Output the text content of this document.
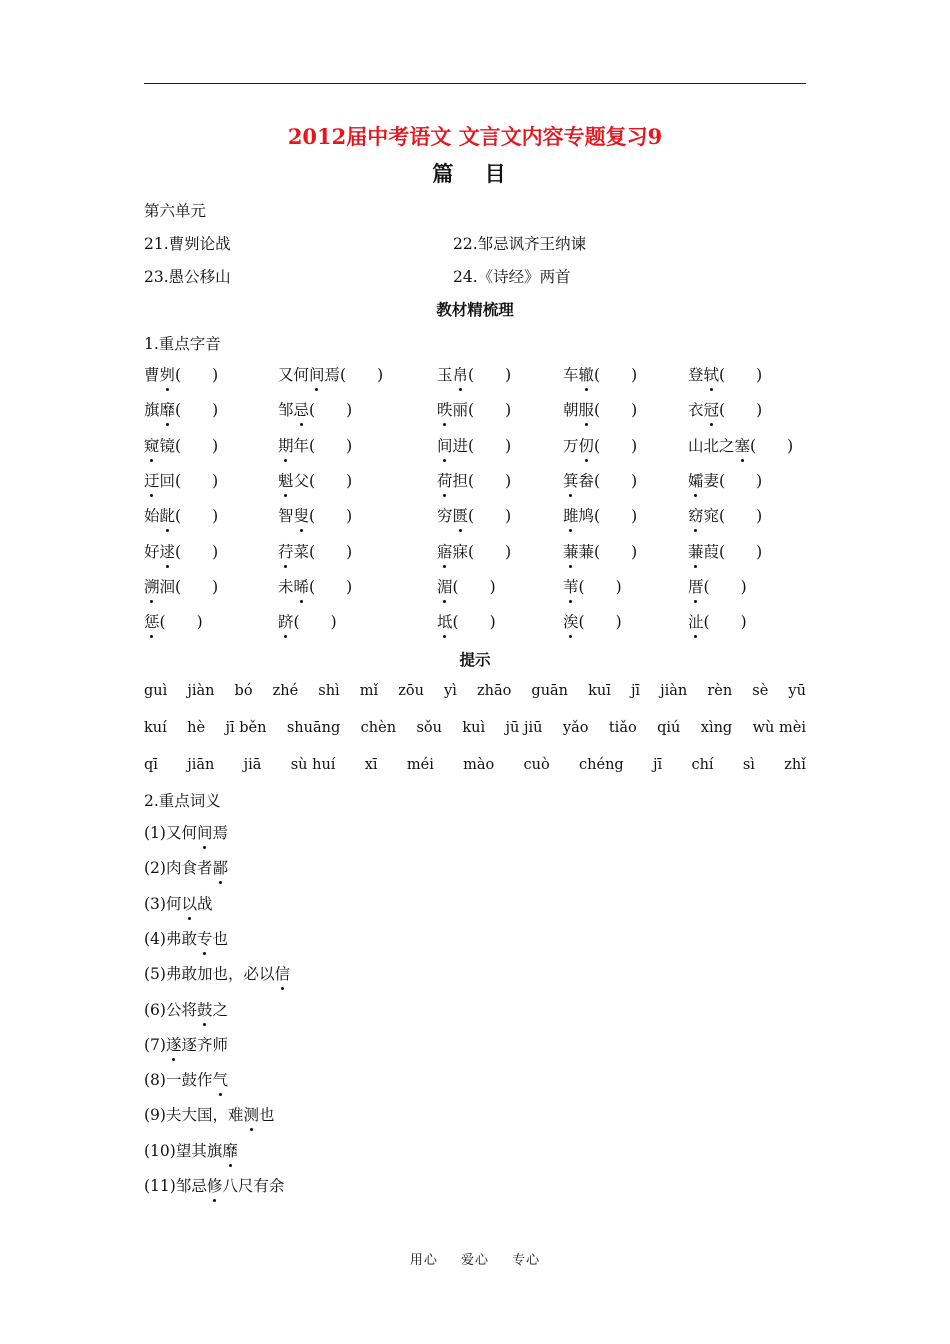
2012届中考语文 文言文内容专题复习9
篇 目
第六单元
21.曹刿论战	22.邹忌讽齐王纳谏
23.愚公移山	24.《诗经》两首
教材精梳理
1.重点字音
曹刿(　　)	又何间焉(　　)	玉帛(　　)	车辙(　　)	登轼(　　)
旗靡(　　)	邹忌(　　)	昳丽(　　)	朝服(　　)	衣冠(　　)
窥镜(　　)	期年(　　)	间进(　　)	万仞(　　)	山北之塞(　　)
迂回(　　)	魁父(　　)	荷担(　　)	箕畚(　　)	孀妻(　　)
始龀(　　)	智叟(　　)	穷匮(　　)	雎鸠(　　)	窈窕(　　)
好逑(　　)	荇菜(　　)	寤寐(　　)	蒹蒹(　　)	蒹葭(　　)
溯洄(　　)	未晞(　　)	湄(　　)	苇(　　)	厝(　　)
惩(　　)	跻(　　)	坻(　　)	涘(　　)	沚(　　)
提示
guì jiàn bó zhé shì mǐ zōu yì zhāo guān kuī jī jiàn rèn sè yū
kuí hè jī běn shuāng chèn sǒu kuì jū jiū yǎo tiǎo qiú xìng wù mèi
qī jiān jiā sù huí xī méi mào cuò chéng jī chí sì zhǐ
2.重点词义
(1)又何间焉
(2)肉食者鄙
(3)何以战
(4)弗敢专也
(5)弗敢加也，必以信
(6)公将鼓之
(7)遂逐齐师
(8)一鼓作气
(9)夫大国，难测也
(10)望其旗靡
(11)邹忌修八尺有余
用心 爱心 专心
